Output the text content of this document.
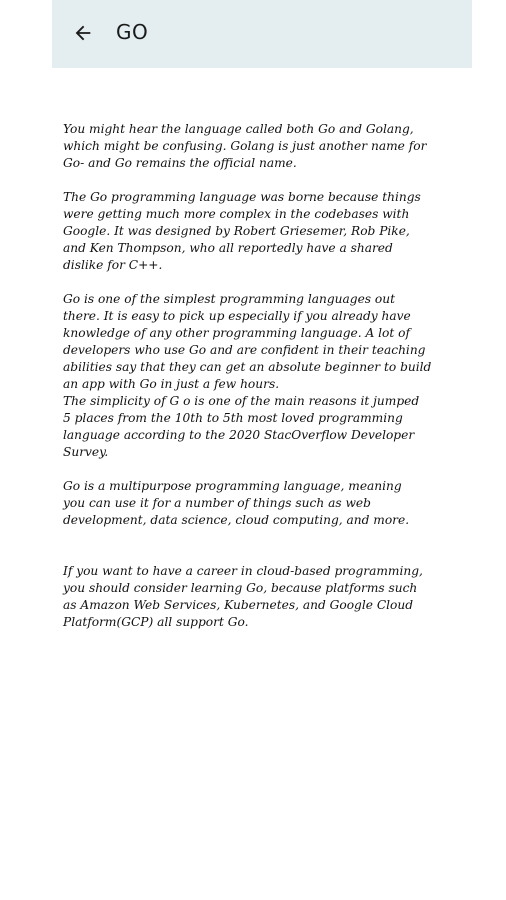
GO

You might hear the language called both Go and Golang,
which might be confusing. Golang is just another name for
Go- and Go remains the official name.

The Go programming language was borne because things
were getting much more complex in the codebases with
Google. It was designed by Robert Griesemer, Rob Pike,
and Ken Thompson, who all reportedly have a shared
dislike for C++.

Go is one of the simplest programming languages out
there. It is easy to pick up especially if you already have
knowledge of any other programming language. A lot of
developers who use Go and are confident in their teaching
abilities say that they can get an absolute beginner to build
an app with Go in just a few hours.
The simplicity of G o is one of the main reasons it jumped
5 places from the 10th to 5th most loved programming
language according to the 2020 StacOverflow Developer
Survey.

Go is a multipurpose programming language, meaning
you can use it for a number of things such as web
development, data science, cloud computing, and more.

If you want to have a career in cloud-based programming,
you should consider learning Go, because platforms such
as Amazon Web Services, Kubernetes, and Google Cloud
Platform(GCP) all support Go.
